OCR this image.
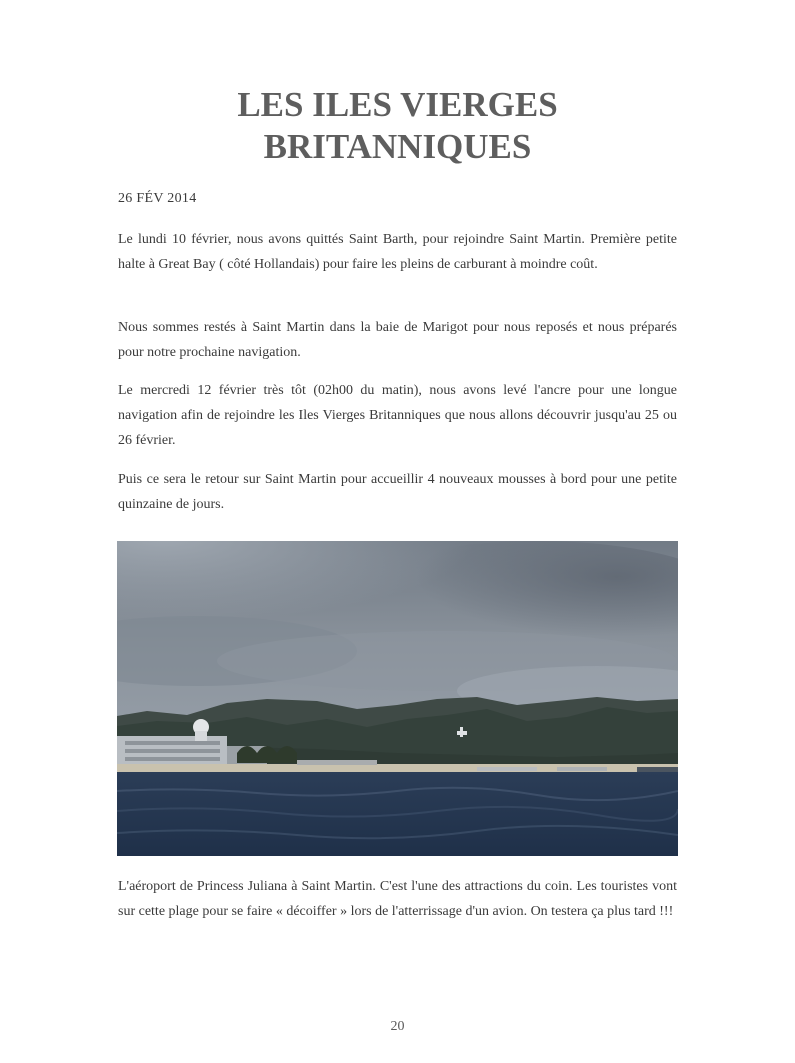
LES ILES VIERGES
BRITANNIQUES
26 FÉV 2014

Le lundi 10 février, nous avons quittés Saint Barth, pour rejoindre Saint Martin. Première petite halte à Great Bay ( côté Hollandais) pour faire les pleins de carburant à moindre coût.

Nous sommes restés à Saint Martin dans la baie de Marigot pour nous reposés et nous préparés pour notre prochaine navigation.

Le mercredi 12 février très tôt (02h00 du matin), nous avons levé l'ancre pour une longue navigation afin de rejoindre les Iles Vierges Britanniques que nous allons découvrir jusqu'au 25 ou 26 février.

Puis ce sera le retour sur Saint Martin pour accueillir 4 nouveaux mousses à bord pour une petite quinzaine de jours.

L'aéroport de Princess Juliana à Saint Martin. C'est l'une des attractions du coin. Les touristes vont sur cette plage pour se faire « décoiffer » lors de l'atterrissage d'un avion. On testera ça plus tard !!!

20
